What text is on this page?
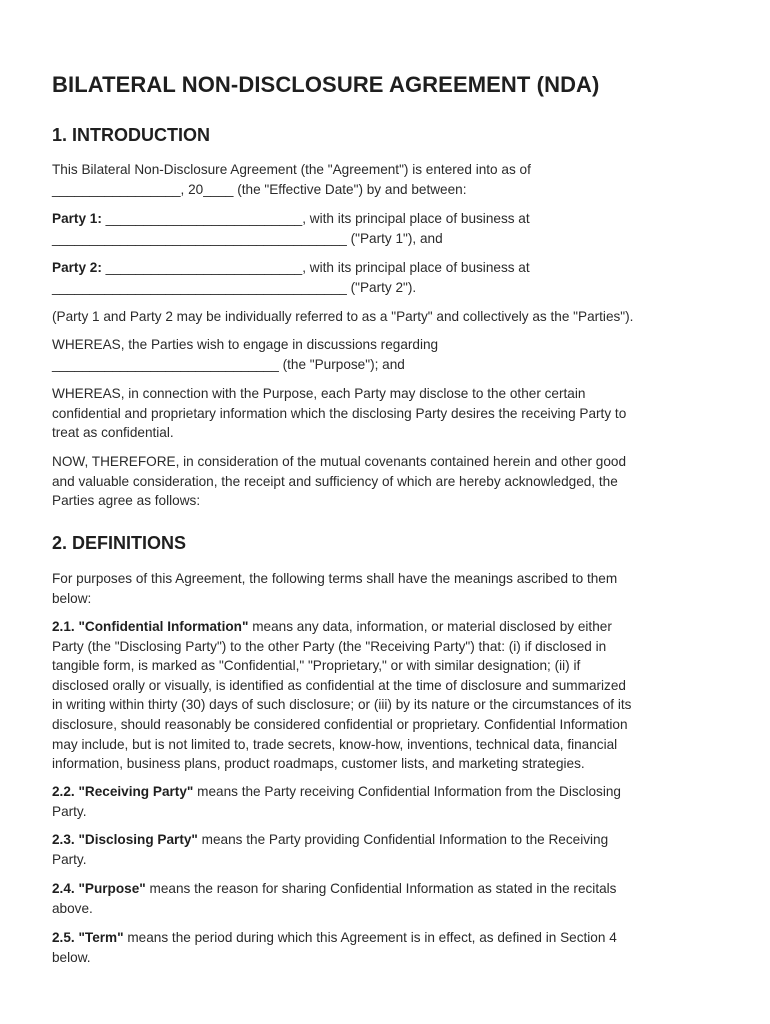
BILATERAL NON-DISCLOSURE AGREEMENT (NDA)
1. INTRODUCTION

This Bilateral Non-Disclosure Agreement (the "Agreement") is entered into as of
_________________, 20____ (the "Effective Date") by and between:

Party 1: __________________________, with its principal place of business at
_______________________________________ ("Party 1"), and

Party 2: __________________________, with its principal place of business at
_______________________________________ ("Party 2").

(Party 1 and Party 2 may be individually referred to as a "Party" and collectively as the "Parties").

WHEREAS, the Parties wish to engage in discussions regarding
______________________________ (the "Purpose"); and

WHEREAS, in connection with the Purpose, each Party may disclose to the other certain
confidential and proprietary information which the disclosing Party desires the receiving Party to
treat as confidential.

NOW, THEREFORE, in consideration of the mutual covenants contained herein and other good
and valuable consideration, the receipt and sufficiency of which are hereby acknowledged, the
Parties agree as follows:

2. DEFINITIONS

For purposes of this Agreement, the following terms shall have the meanings ascribed to them
below:

2.1. "Confidential Information" means any data, information, or material disclosed by either
Party (the "Disclosing Party") to the other Party (the "Receiving Party") that: (i) if disclosed in
tangible form, is marked as "Confidential," "Proprietary," or with similar designation; (ii) if
disclosed orally or visually, is identified as confidential at the time of disclosure and summarized
in writing within thirty (30) days of such disclosure; or (iii) by its nature or the circumstances of its
disclosure, should reasonably be considered confidential or proprietary. Confidential Information
may include, but is not limited to, trade secrets, know-how, inventions, technical data, financial
information, business plans, product roadmaps, customer lists, and marketing strategies.

2.2. "Receiving Party" means the Party receiving Confidential Information from the Disclosing
Party.

2.3. "Disclosing Party" means the Party providing Confidential Information to the Receiving
Party.

2.4. "Purpose" means the reason for sharing Confidential Information as stated in the recitals
above.

2.5. "Term" means the period during which this Agreement is in effect, as defined in Section 4
below.
